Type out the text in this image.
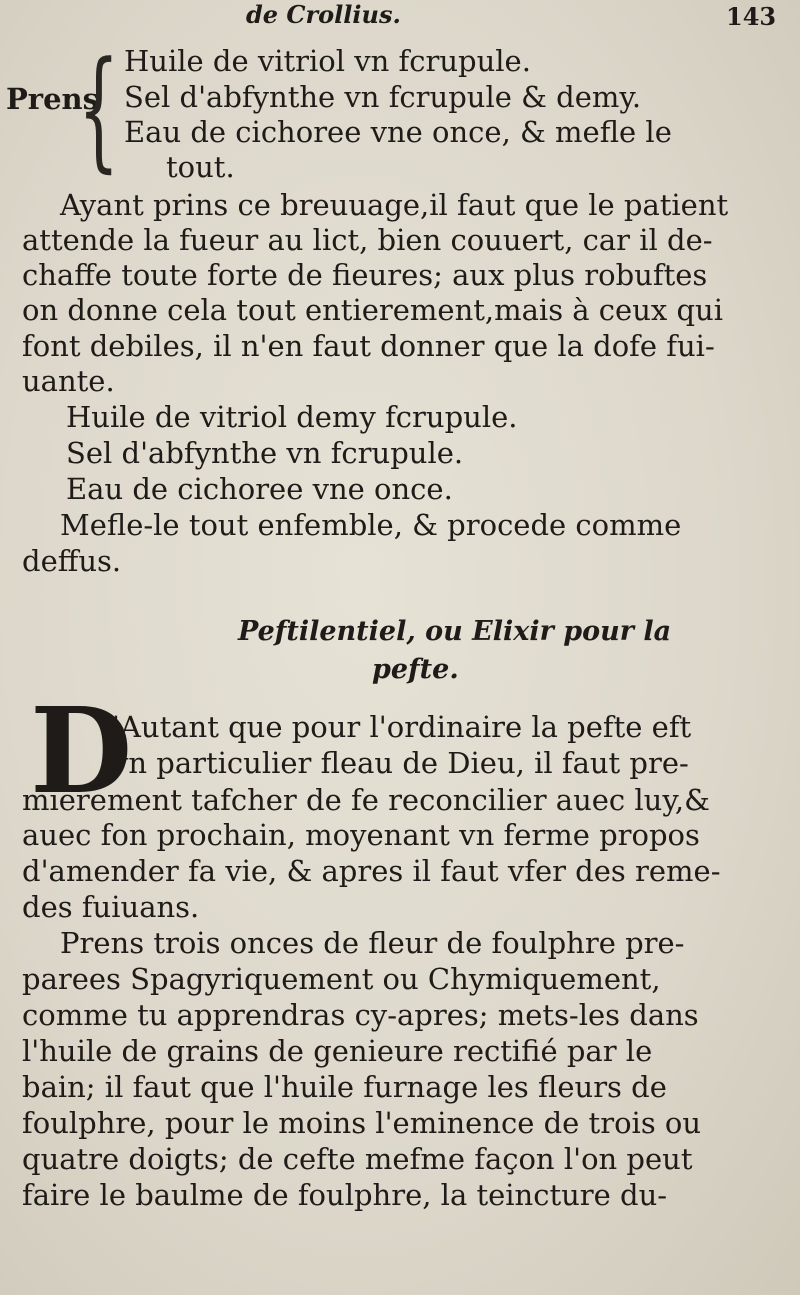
de Crollius.	143
Prens
{ Huile de vitriol vn fcrupule.
Sel d'abfynthe vn fcrupule & demy.
Eau de cichoree vne once, & mefle le
tout.
Ayant prins ce breuuage,il faut que le patient
attende la fueur au lict, bien couuert, car il de-
chaffe toute forte de fieures; aux plus robuftes
on donne cela tout entierement,mais à ceux qui
font debiles, il n'en faut donner que la dofe fui-
uante.
Huile de vitriol demy fcrupule.
Sel d'abfynthe vn fcrupule.
Eau de cichoree vne once.
Mefle-le tout enfemble, & procede comme
deffus.
Peftilentiel, ou Elixir pour la
pefte.
D
'Autant que pour l'ordinaire la pefte eft
vn particulier fleau de Dieu, il faut pre-
mierement tafcher de fe reconcilier auec luy,&
auec fon prochain, moyenant vn ferme propos
d'amender fa vie, & apres il faut vfer des reme-
des fuiuans.
Prens trois onces de fleur de foulphre pre-
parees Spagyriquement ou Chymiquement,
comme tu apprendras cy-apres; mets-les dans
l'huile de grains de genieure rectifié par le
bain; il faut que l'huile furnage les fleurs de
foulphre, pour le moins l'eminence de trois ou
quatre doigts; de cefte mefme façon l'on peut
faire le baulme de foulphre, la teincture du-
